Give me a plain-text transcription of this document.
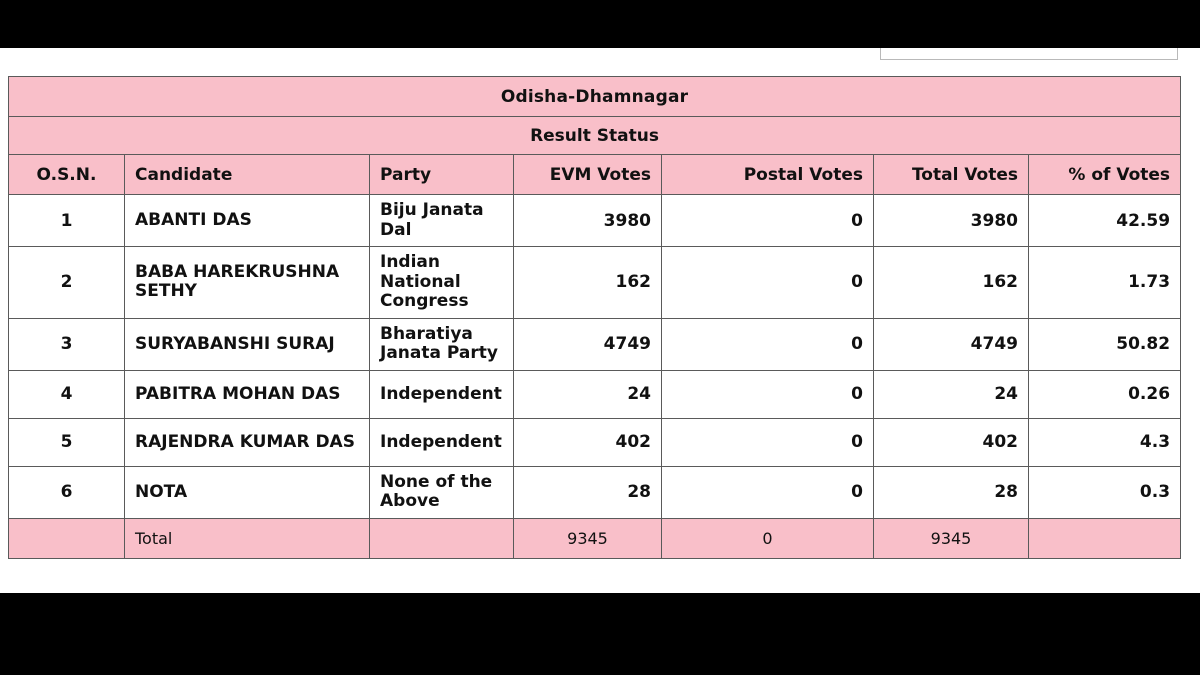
Odisha-Dhamnagar						
Result Status						
O.S.N.	Candidate	Party	EVM Votes	Postal Votes	Total Votes	% of Votes
1	ABANTI DAS	Biju Janata Dal	3980	0	3980	42.59
2	BABA HAREKRUSHNA SETHY	Indian National Congress	162	0	162	1.73
3	SURYABANSHI SURAJ	Bharatiya Janata Party	4749	0	4749	50.82
4	PABITRA MOHAN DAS	Independent	24	0	24	0.26
5	RAJENDRA KUMAR DAS	Independent	402	0	402	4.3
6	NOTA	None of the Above	28	0	28	0.3
	Total		9345	0	9345	
